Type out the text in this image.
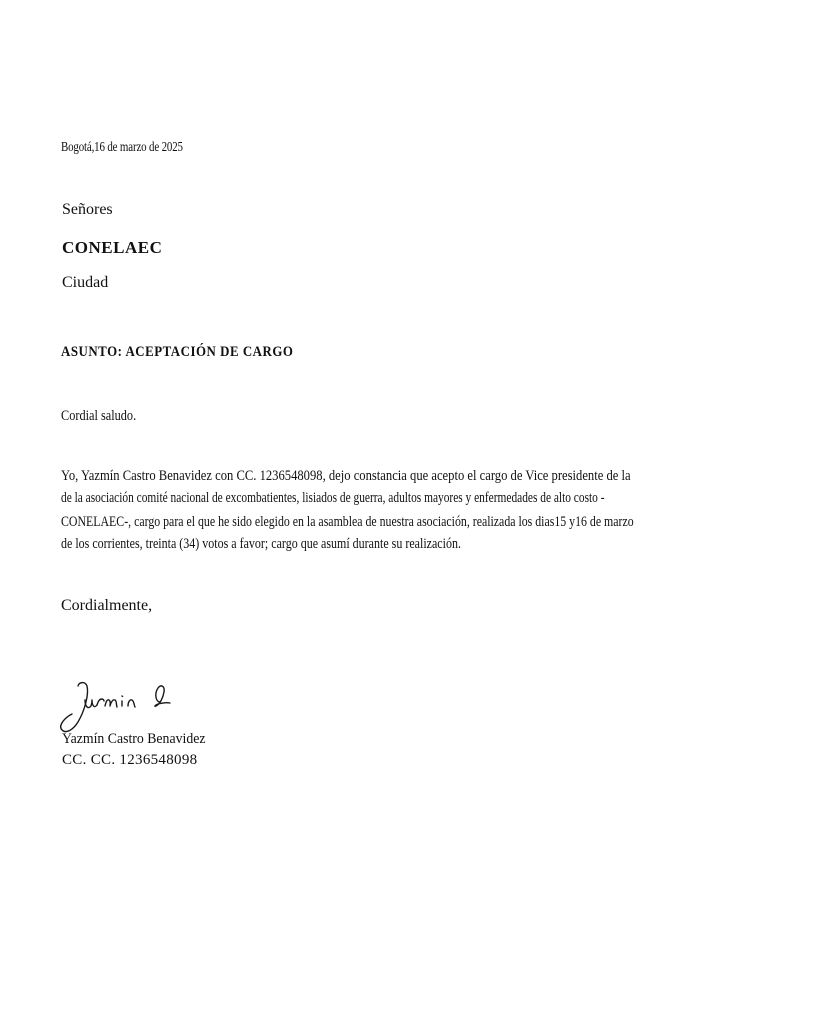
Bogotá,16 de marzo de 2025
Señores
CONELAEC
Ciudad
ASUNTO: ACEPTACIÓN DE CARGO
Cordial saludo.
Yo, Yazmín Castro Benavidez con CC. 1236548098, dejo constancia que acepto el cargo de Vice presidente de la
de la asociación comité nacional de excombatientes, lisiados de guerra, adultos mayores y enfermedades de alto costo -
CONELAEC-, cargo para el que he sido elegido en la asamblea de nuestra asociación, realizada los dias15 y16 de marzo
de los corrientes, treinta (34) votos a favor; cargo que asumí durante su realización.
Cordialmente,
Yazmín Castro Benavidez
CC. CC. 1236548098
